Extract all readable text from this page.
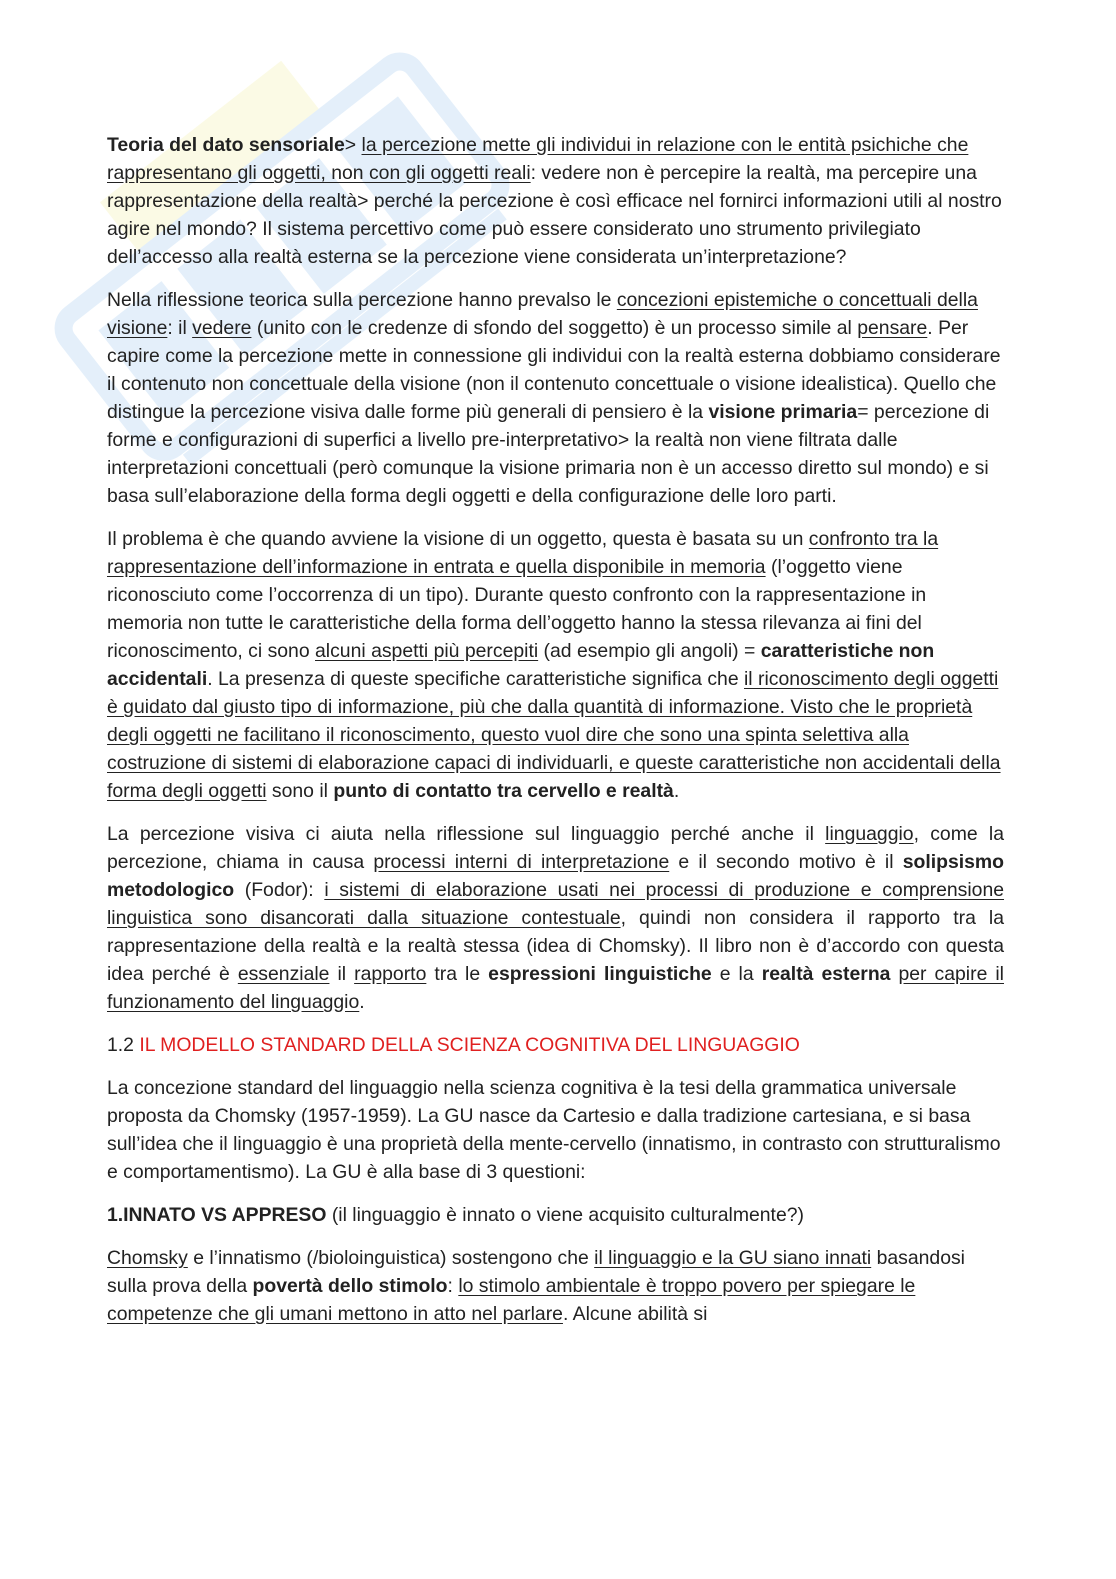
Teoria del dato sensoriale> la percezione mette gli individui in relazione con le entità psichiche che rappresentano gli oggetti, non con gli oggetti reali: vedere non è percepire la realtà, ma percepire una rappresentazione della realtà> perché la percezione è così efficace nel fornirci informazioni utili al nostro agire nel mondo? Il sistema percettivo come può essere considerato uno strumento privilegiato dell’accesso alla realtà esterna se la percezione viene considerata un’interpretazione?

Nella riflessione teorica sulla percezione hanno prevalso le concezioni epistemiche o concettuali della visione: il vedere (unito con le credenze di sfondo del soggetto) è un processo simile al pensare. Per capire come la percezione mette in connessione gli individui con la realtà esterna dobbiamo considerare il contenuto non concettuale della visione (non il contenuto concettuale o visione idealistica). Quello che distingue la percezione visiva dalle forme più generali di pensiero è la visione primaria= percezione di forme e configurazioni di superfici a livello pre-interpretativo> la realtà non viene filtrata dalle interpretazioni concettuali (però comunque la visione primaria non è un accesso diretto sul mondo) e si basa sull’elaborazione della forma degli oggetti e della configurazione delle loro parti.

Il problema è che quando avviene la visione di un oggetto, questa è basata su un confronto tra la rappresentazione dell’informazione in entrata e quella disponibile in memoria (l’oggetto viene riconosciuto come l’occorrenza di un tipo). Durante questo confronto con la rappresentazione in memoria non tutte le caratteristiche della forma dell’oggetto hanno la stessa rilevanza ai fini del riconoscimento, ci sono alcuni aspetti più percepiti (ad esempio gli angoli) = caratteristiche non accidentali. La presenza di queste specifiche caratteristiche significa che il riconoscimento degli oggetti è guidato dal giusto tipo di informazione, più che dalla quantità di informazione. Visto che le proprietà degli oggetti ne facilitano il riconoscimento, questo vuol dire che sono una spinta selettiva alla costruzione di sistemi di elaborazione capaci di individuarli, e queste caratteristiche non accidentali della forma degli oggetti sono il punto di contatto tra cervello e realtà.

La percezione visiva ci aiuta nella riflessione sul linguaggio perché anche il linguaggio, come la percezione, chiama in causa processi interni di interpretazione e il secondo motivo è il solipsismo metodologico (Fodor): i sistemi di elaborazione usati nei processi di produzione e comprensione linguistica sono disancorati dalla situazione contestuale, quindi non considera il rapporto tra la rappresentazione della realtà e la realtà stessa (idea di Chomsky). Il libro non è d’accordo con questa idea perché è essenziale il rapporto tra le espressioni linguistiche e la realtà esterna per capire il funzionamento del linguaggio.

1.2 IL MODELLO STANDARD DELLA SCIENZA COGNITIVA DEL LINGUAGGIO

La concezione standard del linguaggio nella scienza cognitiva è la tesi della grammatica universale proposta da Chomsky (1957-1959). La GU nasce da Cartesio e dalla tradizione cartesiana, e si basa sull’idea che il linguaggio è una proprietà della mente-cervello (innatismo, in contrasto con strutturalismo e comportamentismo). La GU è alla base di 3 questioni:

1.INNATO VS APPRESO (il linguaggio è innato o viene acquisito culturalmente?)

Chomsky e l’innatismo (/bioloinguistica) sostengono che il linguaggio e la GU siano innati basandosi sulla prova della povertà dello stimolo: lo stimolo ambientale è troppo povero per spiegare le competenze che gli umani mettono in atto nel parlare. Alcune abilità si
